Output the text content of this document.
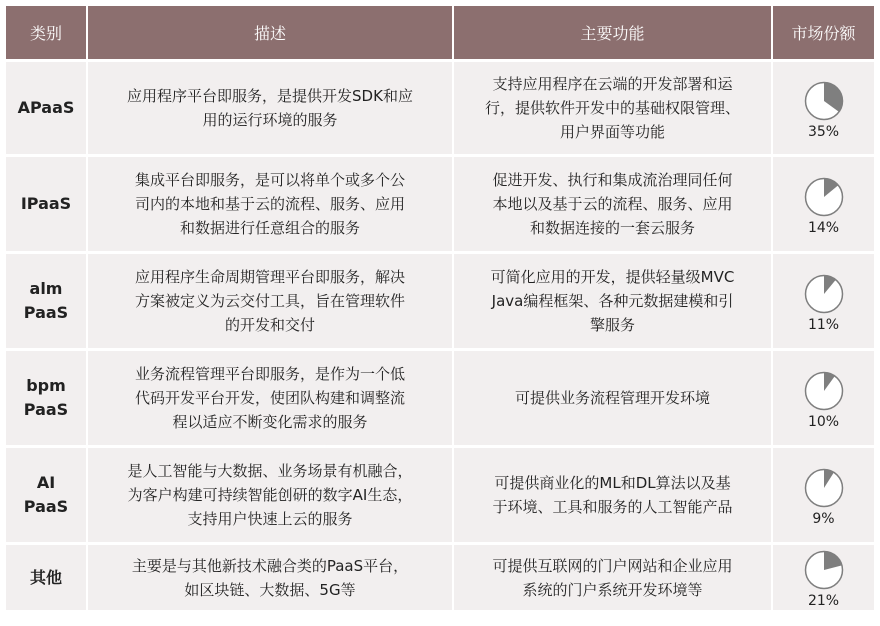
类别	描述	主要功能	市场份额

APaaS	应用程序平台即服务，是提供开发SDK和应
用的运行环境的服务	支持应用程序在云端的开发部署和运
行，提供软件开发中的基础权限管理、
用户界面等功能	35%

IPaaS	集成平台即服务，是可以将单个或多个公
司内的本地和基于云的流程、服务、应用
和数据进行任意组合的服务	促进开发、执行和集成流治理同任何
本地以及基于云的流程、服务、应用
和数据连接的一套云服务	14%

alm
PaaS	应用程序生命周期管理平台即服务，解决
方案被定义为云交付工具，旨在管理软件
的开发和交付	可简化应用的开发，提供轻量级MVC
Java编程框架、各种元数据建模和引
擎服务	11%

bpm
PaaS	业务流程管理平台即服务，是作为一个低
代码开发平台开发，使团队构建和调整流
程以适应不断变化需求的服务	可提供业务流程管理开发环境	10%

AI
PaaS	是人工智能与大数据、业务场景有机融合，
为客户构建可持续智能创研的数字AI生态，
支持用户快速上云的服务	可提供商业化的ML和DL算法以及基
于环境、工具和服务的人工智能产品	9%

其他	主要是与其他新技术融合类的PaaS平台，
如区块链、大数据、5G等	可提供互联网的门户网站和企业应用
系统的门户系统开发环境等	21%
